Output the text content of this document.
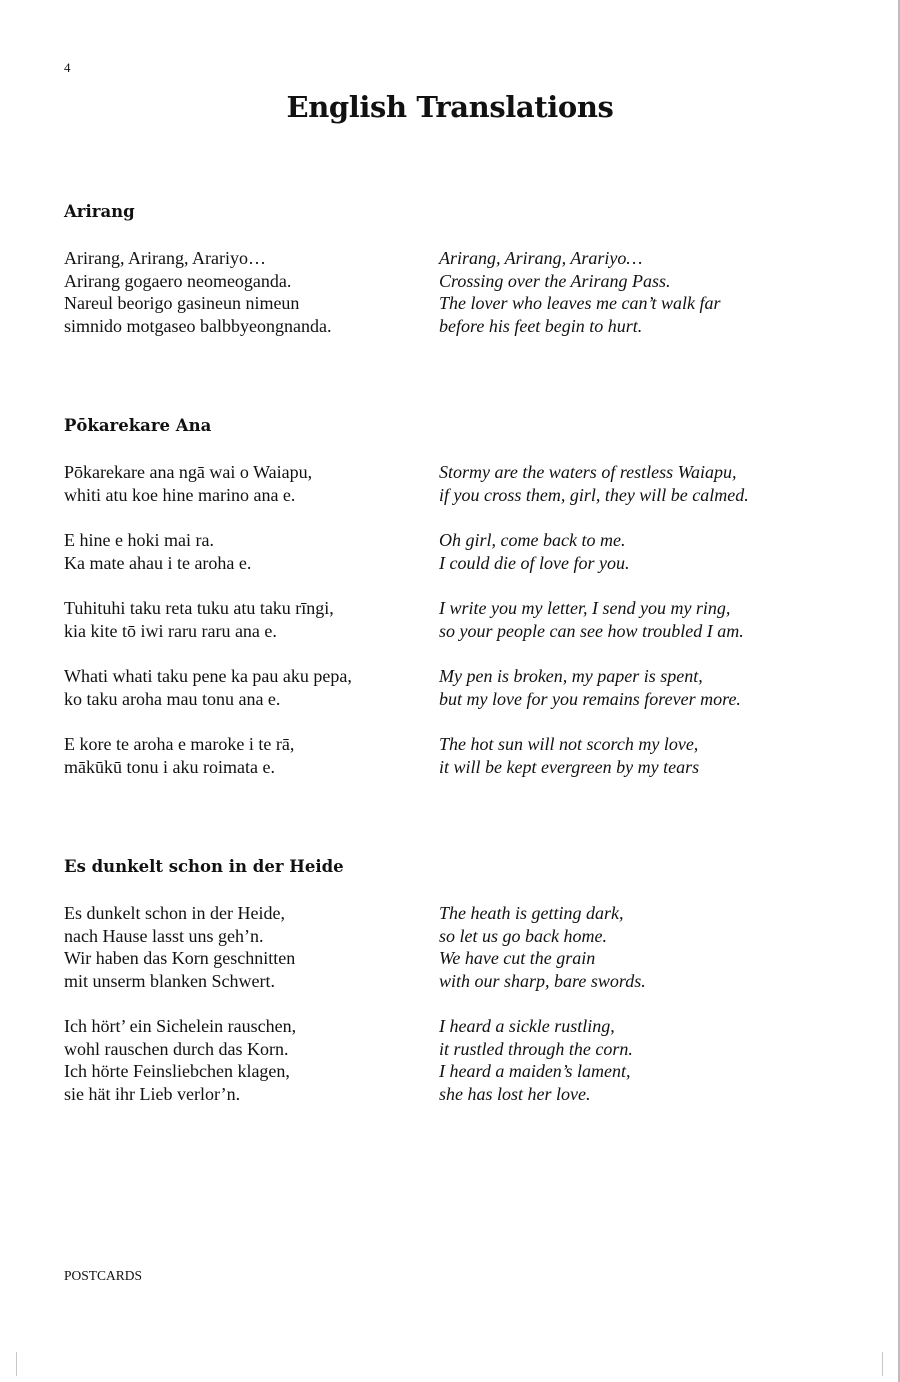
4
English Translations
Arirang
Arirang, Arirang, Arariyo…
Arirang gogaero neomeoganda.
Nareul beorigo gasineun nimeun
simnido motgaseo balbbyeongnanda.
Arirang, Arirang, Arariyo…
Crossing over the Arirang Pass.
The lover who leaves me can’t walk far
before his feet begin to hurt.
Pōkarekare Ana
Pōkarekare ana ngā wai o Waiapu,
whiti atu koe hine marino ana e.
Stormy are the waters of restless Waiapu,
if you cross them, girl, they will be calmed.
E hine e hoki mai ra.
Ka mate ahau i te aroha e.
Oh girl, come back to me.
I could die of love for you.
Tuhituhi taku reta tuku atu taku rīngi,
kia kite tō iwi raru raru ana e.
I write you my letter, I send you my ring,
so your people can see how troubled I am.
Whati whati taku pene ka pau aku pepa,
ko taku aroha mau tonu ana e.
My pen is broken, my paper is spent,
but my love for you remains forever more.
E kore te aroha e maroke i te rā,
mākūkū tonu i aku roimata e.
The hot sun will not scorch my love,
it will be kept evergreen by my tears
Es dunkelt schon in der Heide
Es dunkelt schon in der Heide,
nach Hause lasst uns geh’n.
Wir haben das Korn geschnitten
mit unserm blanken Schwert.
The heath is getting dark,
so let us go back home.
We have cut the grain
with our sharp, bare swords.
Ich hört’ ein Sichelein rauschen,
wohl rauschen durch das Korn.
Ich hörte Feinsliebchen klagen,
sie hät ihr Lieb verlor’n.
I heard a sickle rustling,
it rustled through the corn.
I heard a maiden’s lament,
she has lost her love.
POSTCARDS
